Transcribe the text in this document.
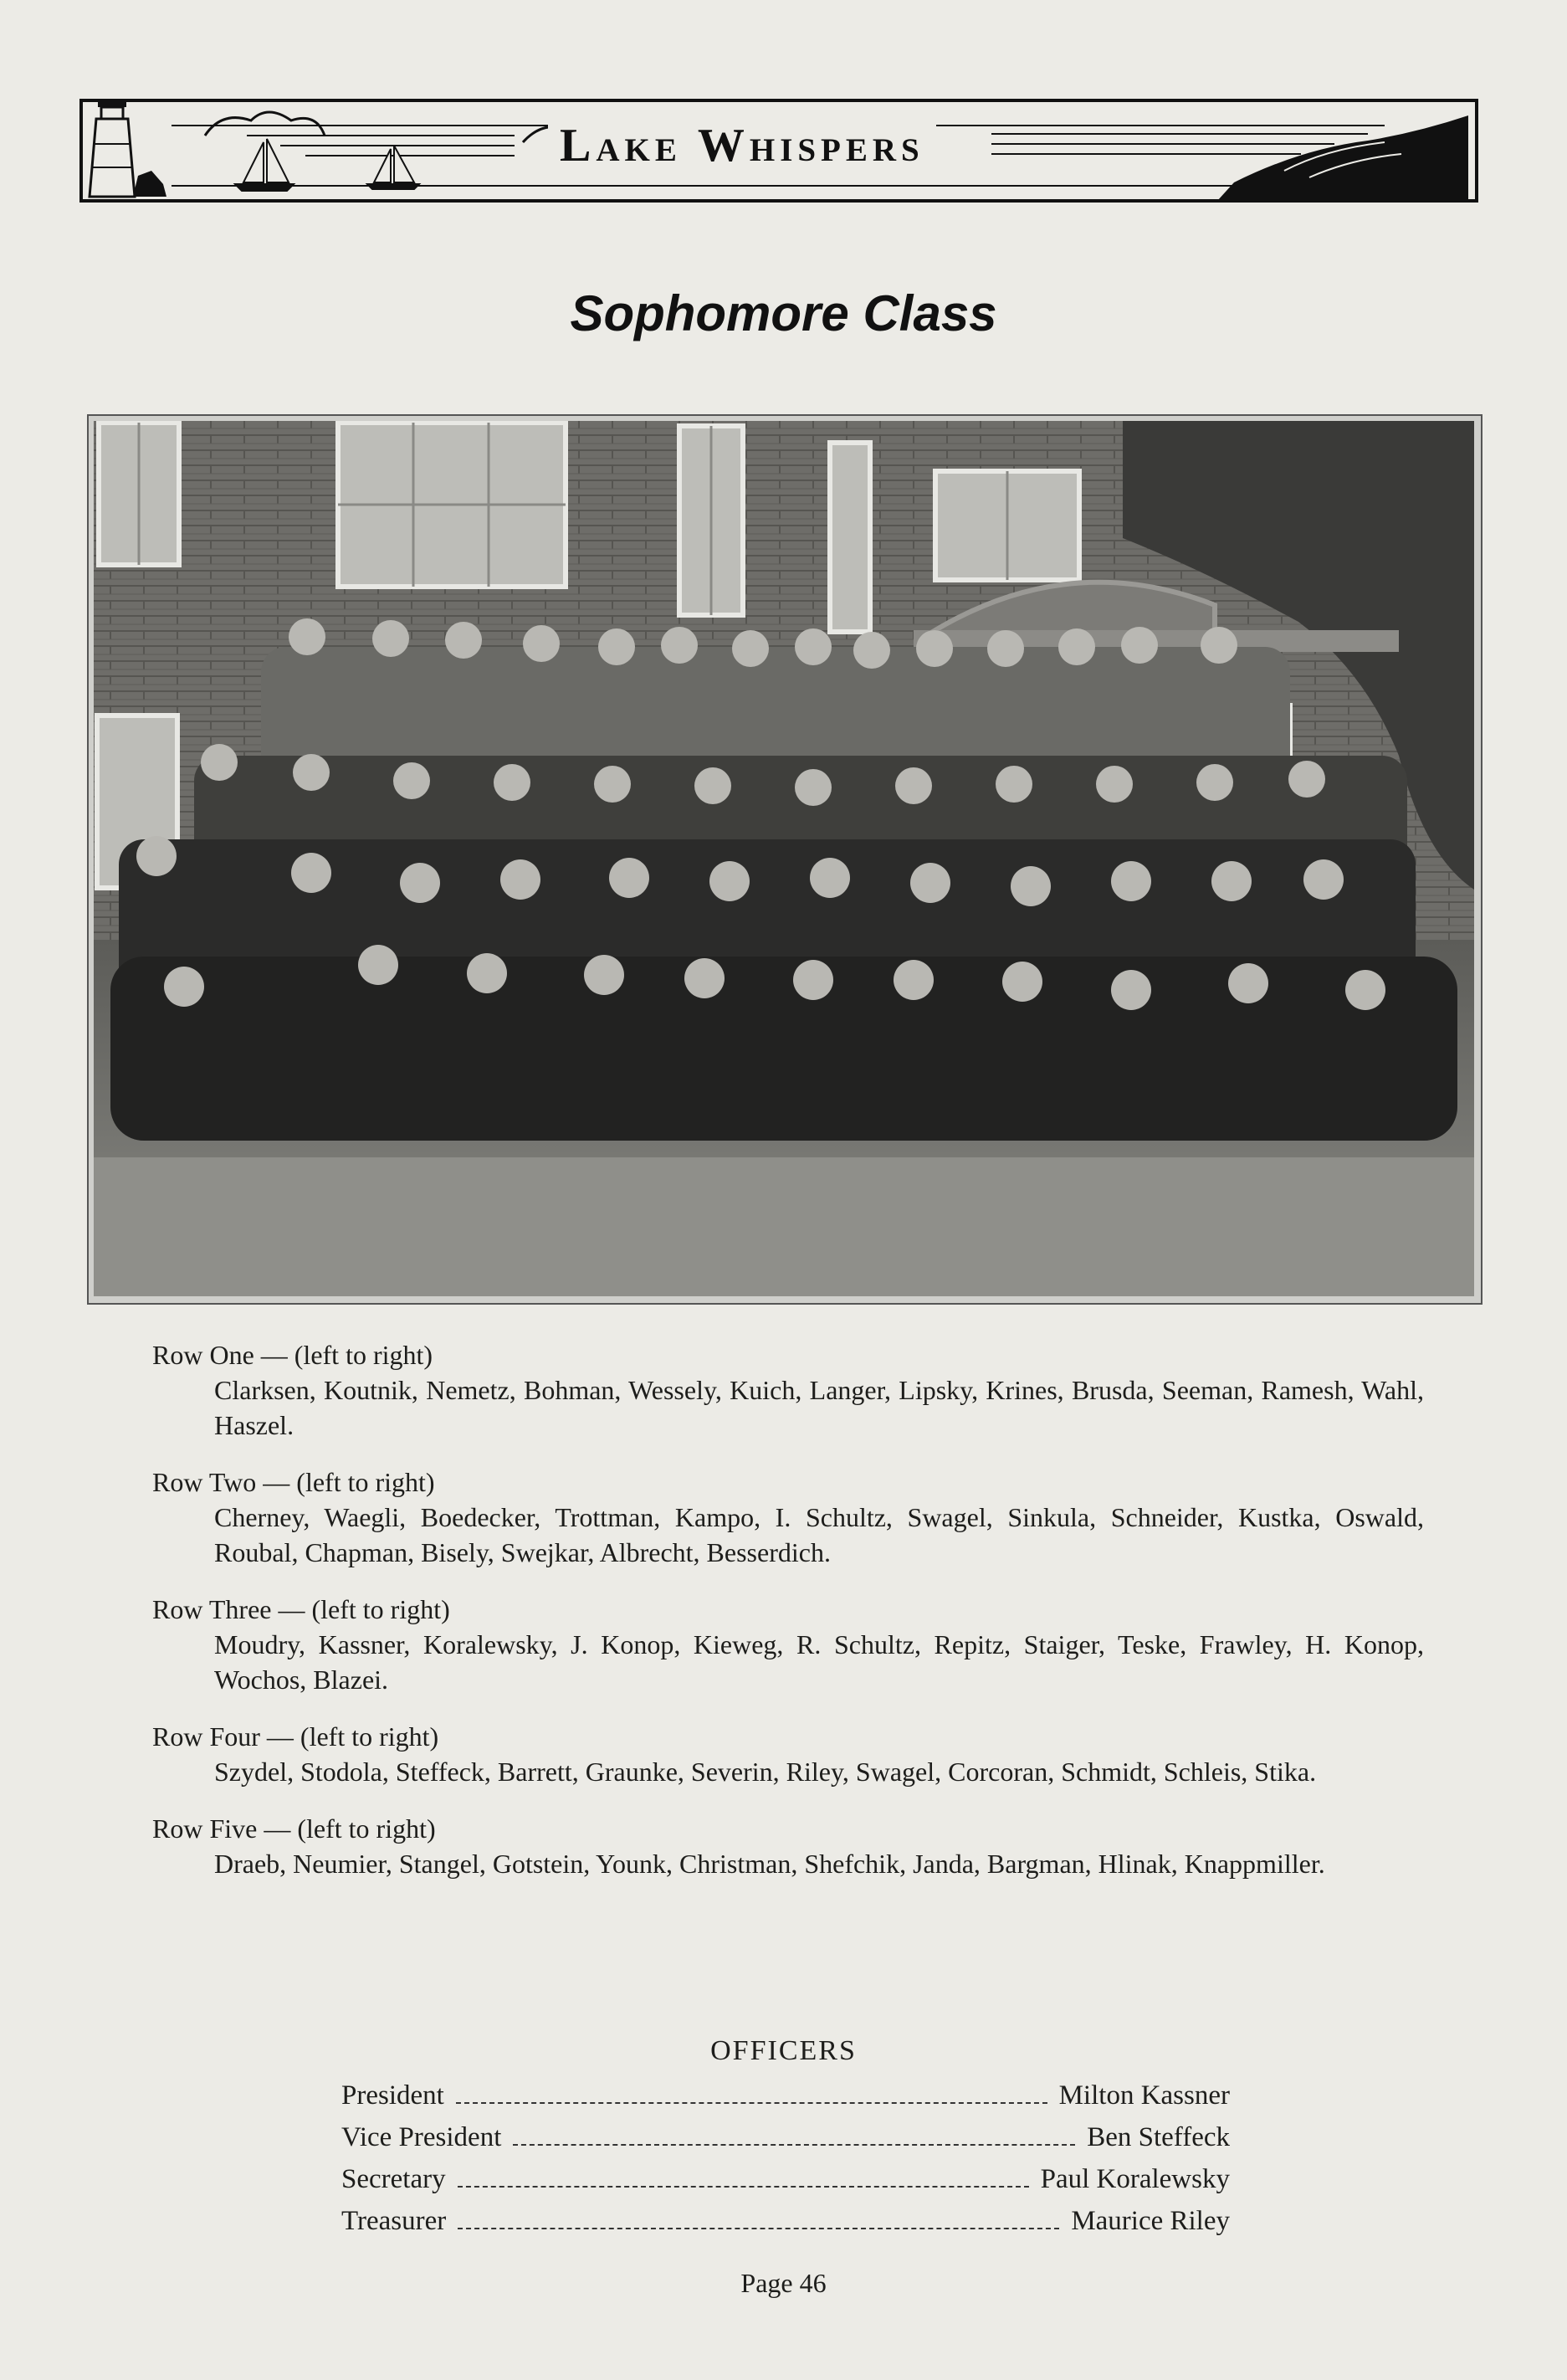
Lake Whispers
Sophomore Class
Row One — (left to right)
Clarksen, Koutnik, Nemetz, Bohman, Wessely, Kuich, Langer, Lipsky, Krines, Brusda, Seeman, Ramesh, Wahl, Haszel.
Row Two — (left to right)
Cherney, Waegli, Boedecker, Trottman, Kampo, I. Schultz, Swagel, Sinkula, Schneider, Kustka, Oswald, Roubal, Chapman, Bisely, Swejkar, Albrecht, Besserdich.
Row Three — (left to right)
Moudry, Kassner, Koralewsky, J. Konop, Kieweg, R. Schultz, Repitz, Staiger, Teske, Frawley, H. Konop, Wochos, Blazei.
Row Four — (left to right)
Szydel, Stodola, Steffeck, Barrett, Graunke, Severin, Riley, Swagel, Corcoran, Schmidt, Schleis, Stika.
Row Five — (left to right)
Draeb, Neumier, Stangel, Gotstein, Younk, Christman, Shefchik, Janda, Bargman, Hlinak, Knappmiller.
OFFICERS
President	Milton Kassner
Vice President	Ben Steffeck
Secretary	Paul Koralewsky
Treasurer	Maurice Riley
Page 46
